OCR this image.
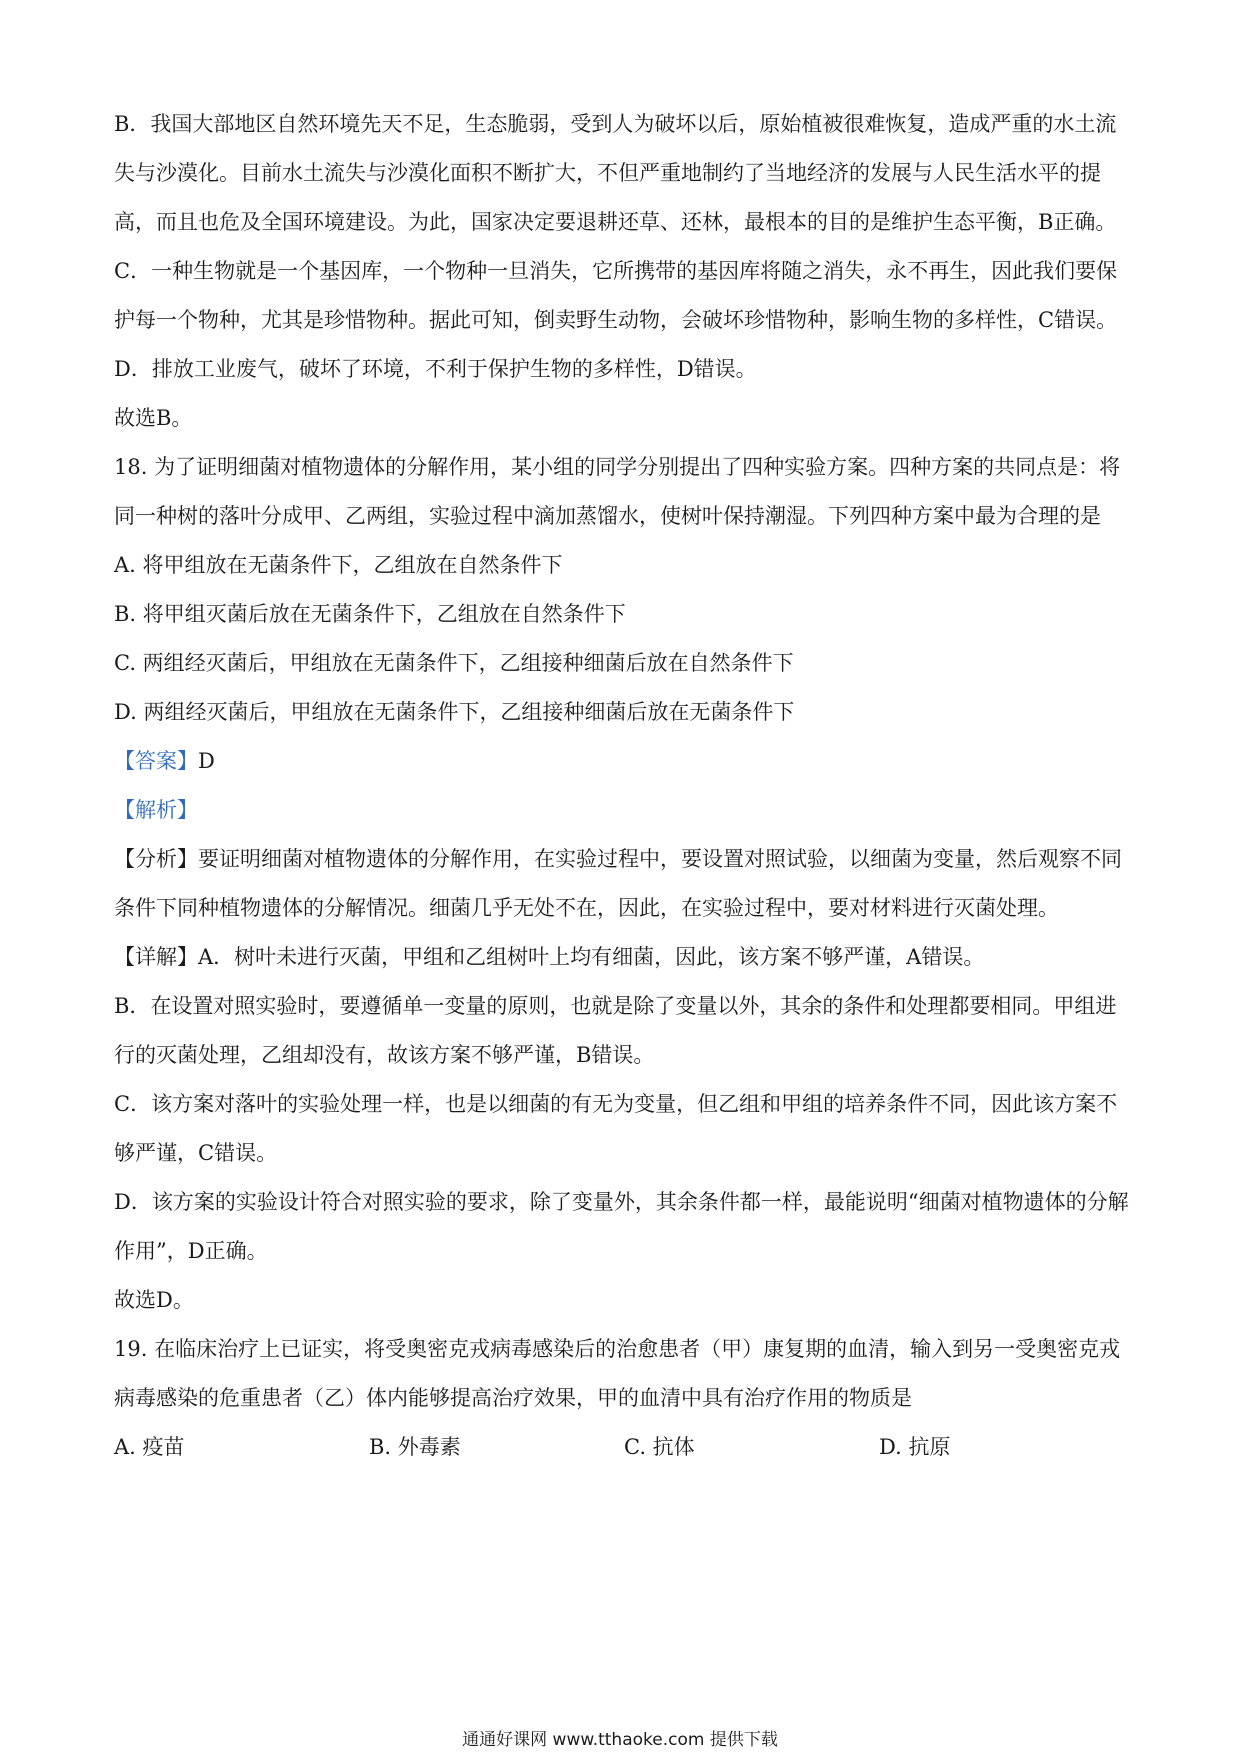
B．我国大部地区自然环境先天不足，生态脆弱，受到人为破坏以后，原始植被很难恢复，造成严重的水土流失与沙漠化。目前水土流失与沙漠化面积不断扩大，不但严重地制约了当地经济的发展与人民生活水平的提高，而且也危及全国环境建设。为此，国家决定要退耕还草、还林，最根本的目的是维护生态平衡，B正确。

C．一种生物就是一个基因库，一个物种一旦消失，它所携带的基因库将随之消失，永不再生，因此我们要保护每一个物种，尤其是珍惜物种。据此可知，倒卖野生动物，会破坏珍惜物种，影响生物的多样性，C错误。

D．排放工业废气，破坏了环境，不利于保护生物的多样性，D错误。

故选B。

18. 为了证明细菌对植物遗体的分解作用，某小组的同学分别提出了四种实验方案。四种方案的共同点是：将同一种树的落叶分成甲、乙两组，实验过程中滴加蒸馏水，使树叶保持潮湿。下列四种方案中最为合理的是

A. 将甲组放在无菌条件下，乙组放在自然条件下

B. 将甲组灭菌后放在无菌条件下，乙组放在自然条件下

C. 两组经灭菌后，甲组放在无菌条件下，乙组接种细菌后放在自然条件下

D. 两组经灭菌后，甲组放在无菌条件下，乙组接种细菌后放在无菌条件下

【答案】D

【解析】

【分析】要证明细菌对植物遗体的分解作用，在实验过程中，要设置对照试验，以细菌为变量，然后观察不同条件下同种植物遗体的分解情况。细菌几乎无处不在，因此，在实验过程中，要对材料进行灭菌处理。

【详解】A．树叶未进行灭菌，甲组和乙组树叶上均有细菌，因此，该方案不够严谨，A错误。

B．在设置对照实验时，要遵循单一变量的原则，也就是除了变量以外，其余的条件和处理都要相同。甲组进行的灭菌处理，乙组却没有，故该方案不够严谨，B错误。

C．该方案对落叶的实验处理一样，也是以细菌的有无为变量，但乙组和甲组的培养条件不同，因此该方案不够严谨，C错误。

D．该方案的实验设计符合对照实验的要求，除了变量外，其余条件都一样，最能说明“细菌对植物遗体的分解作用”，D正确。

故选D。

19. 在临床治疗上已证实，将受奥密克戎病毒感染后的治愈患者（甲）康复期的血清，输入到另一受奥密克戎病毒感染的危重患者（乙）体内能够提高治疗效果，甲的血清中具有治疗作用的物质是

A. 疫苗	B. 外毒素	C. 抗体	D. 抗原
通通好课网 www.tthaoke.com 提供下载
